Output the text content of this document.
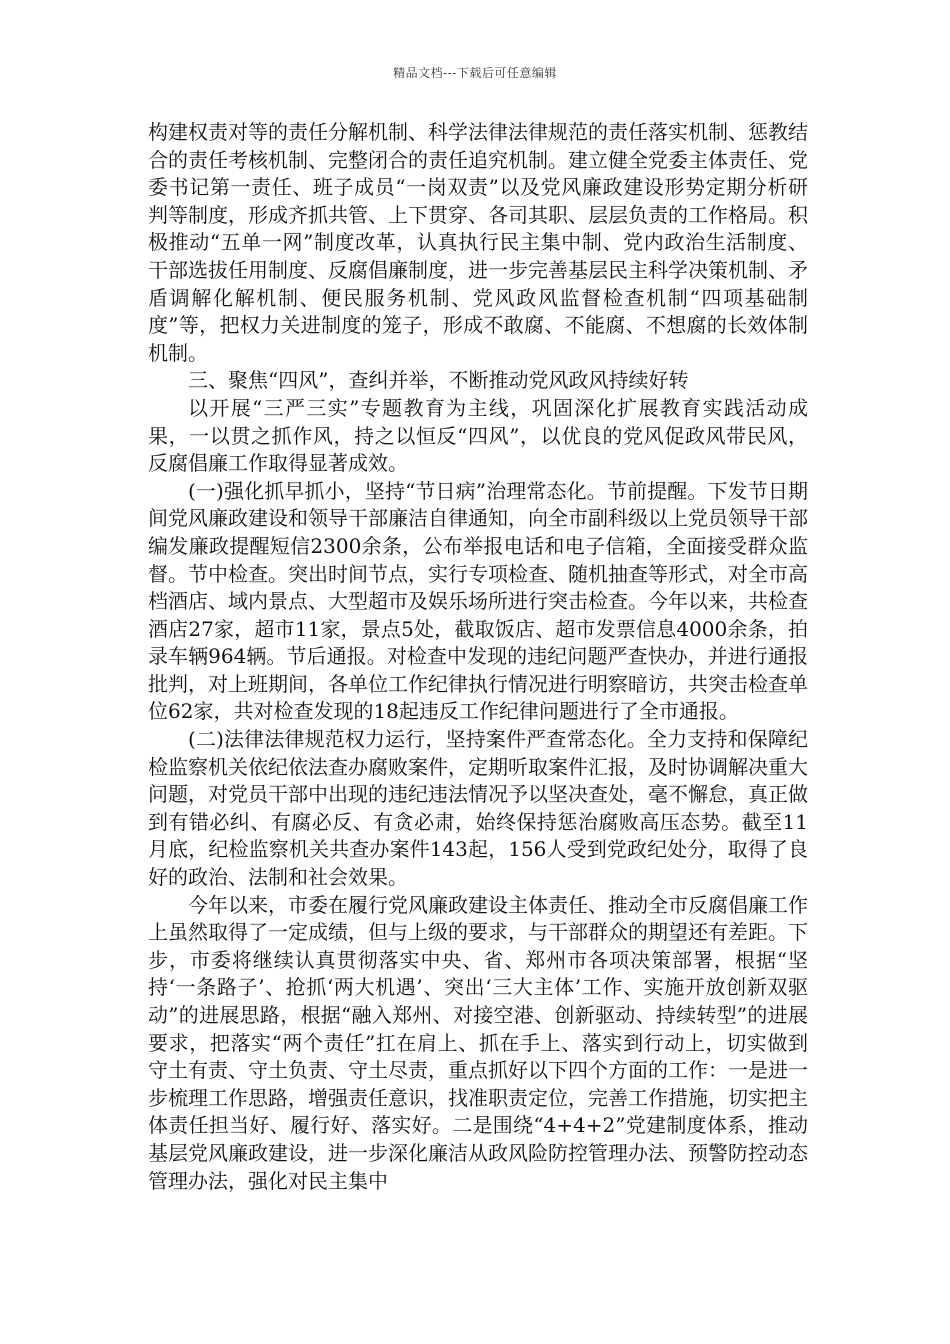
精品文档---下载后可任意编辑

构建权责对等的责任分解机制、科学法律法律规范的责任落实机制、惩教结合的责任考核机制、完整闭合的责任追究机制。建立健全党委主体责任、党委书记第一责任、班子成员“一岗双责”以及党风廉政建设形势定期分析研判等制度，形成齐抓共管、上下贯穿、各司其职、层层负责的工作格局。积极推动“五单一网”制度改革，认真执行民主集中制、党内政治生活制度、干部选拔任用制度、反腐倡廉制度，进一步完善基层民主科学决策机制、矛盾调解化解机制、便民服务机制、党风政风监督检查机制“四项基础制度”等，把权力关进制度的笼子，形成不敢腐、不能腐、不想腐的长效体制机制。

三、聚焦“四风”，查纠并举，不断推动党风政风持续好转

以开展“三严三实”专题教育为主线，巩固深化扩展教育实践活动成果，一以贯之抓作风，持之以恒反“四风”，以优良的党风促政风带民风，反腐倡廉工作取得显著成效。

(一)强化抓早抓小，坚持“节日病”治理常态化。节前提醒。下发节日期间党风廉政建设和领导干部廉洁自律通知，向全市副科级以上党员领导干部编发廉政提醒短信2300余条，公布举报电话和电子信箱，全面接受群众监督。节中检查。突出时间节点，实行专项检查、随机抽查等形式，对全市高档酒店、域内景点、大型超市及娱乐场所进行突击检查。今年以来，共检查酒店27家，超市11家，景点5处，截取饭店、超市发票信息4000余条，拍录车辆964辆。节后通报。对检查中发现的违纪问题严查快办，并进行通报批判，对上班期间，各单位工作纪律执行情况进行明察暗访，共突击检查单位62家，共对检查发现的18起违反工作纪律问题进行了全市通报。

(二)法律法律规范权力运行，坚持案件严查常态化。全力支持和保障纪检监察机关依纪依法查办腐败案件，定期听取案件汇报，及时协调解决重大问题，对党员干部中出现的违纪违法情况予以坚决查处，毫不懈怠，真正做到有错必纠、有腐必反、有贪必肃，始终保持惩治腐败高压态势。截至11月底，纪检监察机关共查办案件143起，156人受到党政纪处分，取得了良好的政治、法制和社会效果。

今年以来，市委在履行党风廉政建设主体责任、推动全市反腐倡廉工作上虽然取得了一定成绩，但与上级的要求，与干部群众的期望还有差距。下步，市委将继续认真贯彻落实中央、省、郑州市各项决策部署，根据“坚持‘一条路子’、抢抓‘两大机遇’、突出‘三大主体’工作、实施开放创新双驱动”的进展思路，根据“融入郑州、对接空港、创新驱动、持续转型”的进展要求，把落实“两个责任”扛在肩上、抓在手上、落实到行动上，切实做到守土有责、守土负责、守土尽责，重点抓好以下四个方面的工作：一是进一步梳理工作思路，增强责任意识，找准职责定位，完善工作措施，切实把主体责任担当好、履行好、落实好。二是围绕“4+4+2”党建制度体系，推动基层党风廉政建设，进一步深化廉洁从政风险防控管理办法、预警防控动态管理办法，强化对民主集中
